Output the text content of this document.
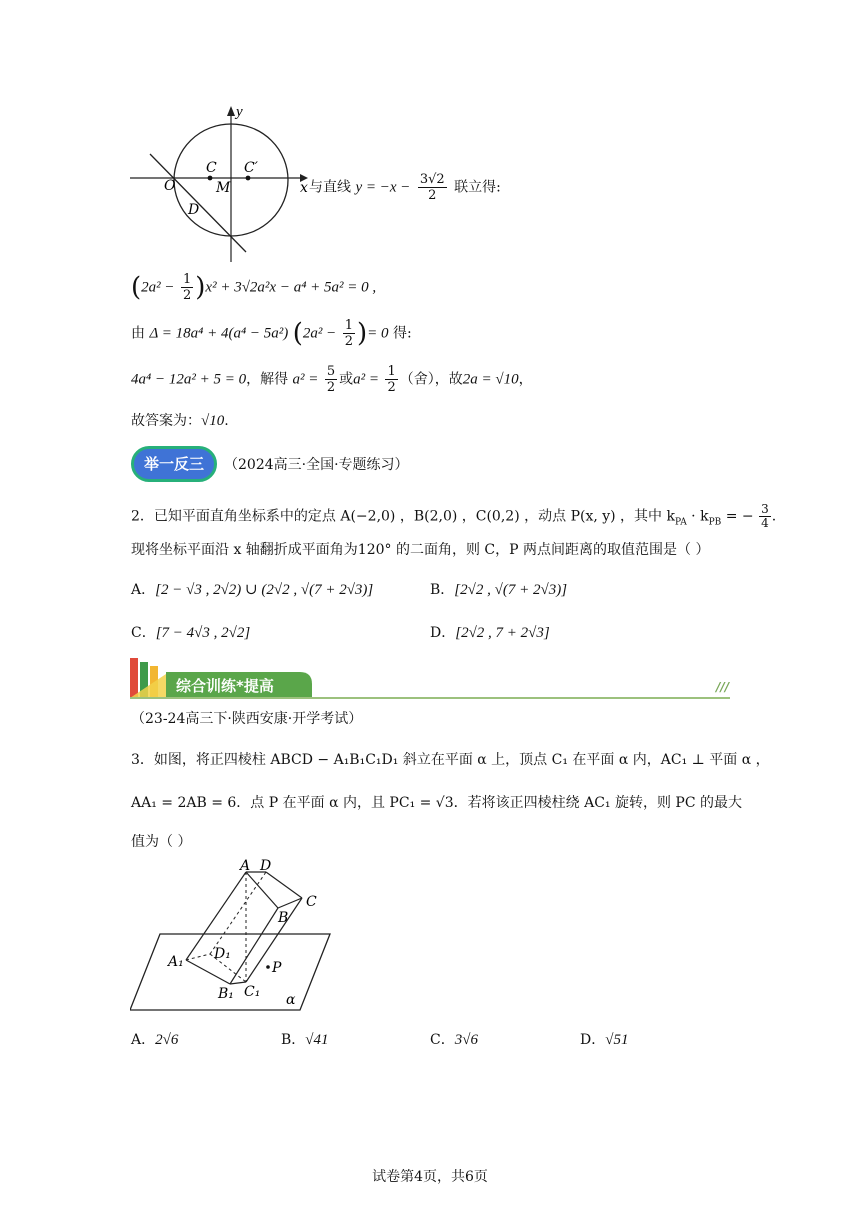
y
x
O
C C′
M
D
与直线 $y = -x - \frac{3√2}{2}$ 联立得:
$(2a^2 - \frac{1}{2} )x^2 + 3√2a^2x - a^4 + 5a^2 = 0$ ,
由 Δ = 18a⁴ + 4(a⁴ − 5a²) ($2a^2 - \frac{1}{2}$ )= 0 得:
4a⁴ − 12a² + 5 = 0，解得 $a^2 = \frac{5}{2}$ 或$a^2 = \frac{1}{2}$ （舍），故2a = √10，
故答案为：√10.
举一反三	（2024高三·全国·专题练习）
2．已知平面直角坐标系中的定点 A(−2,0) ，B(2,0) ，C(0,2) ，动点 P(x, y) ，其中 $k_{PA} \cdot k_{PB}$ = − $\frac{3}{4}$ .
现将坐标平面沿 x 轴翻折成平面角为120° 的二面角，则 C，P 两点间距离的取值范围是（ ）
A．[2 − √3 , 2√2) ∪ (2√2 , √(7 + 2√3)]	B．[2√2 , √(7 + 2√3)]
C．[7 − 4√3 , 2√2]	D．[2√2 , 7 + 2√3]
综合训练*提高	///
（23-24高三下·陕西安康·开学考试）
3．如图，将正四棱柱 ABCD − A₁B₁C₁D₁ 斜立在平面 α 上，顶点 C₁ 在平面 α 内，AC₁ ⊥ 平面 α ，
AA₁ = 2AB = 6．点 P 在平面 α 内，且 PC₁ = √3．若将该正四棱柱绕 AC₁ 旋转，则 PC 的最大
值为（ ）
A D
C
B
A₁ D₁
B₁ C₁
P
α
A．2√6	B．√41	C．3√6	D．√51
试卷第4页，共6页
